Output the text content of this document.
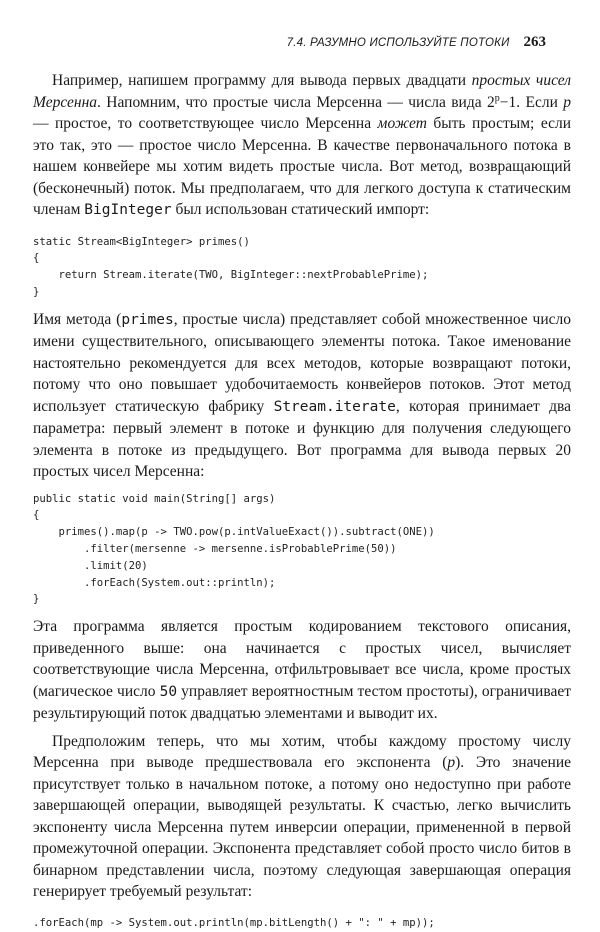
7.4. РАЗУМНО ИСПОЛЬЗУЙТЕ ПОТОКИ 263

Например, напишем программу для вывода первых двадцати простых чисел Мерсенна. Напомним, что простые числа Мерсенна — числа вида $2^p-1$. Если p — простое, то соответствующее число Мерсенна может быть простым; если это так, это — простое число Мерсенна. В качестве первоначального потока в нашем конвейере мы хотим видеть простые числа. Вот метод, возвращающий (бесконечный) поток. Мы предполагаем, что для легкого доступа к статическим членам BigInteger был использован статический импорт:

static Stream<BigInteger> primes()
{
return Stream.iterate(TWO, BigInteger::nextProbablePrime);
}

Имя метода (primes, простые числа) представляет собой множественное число имени существительного, описывающего элементы потока. Такое именование настоятельно рекомендуется для всех методов, которые возвращают потоки, потому что оно повышает удобочитаемость конвейеров потоков. Этот метод использует статическую фабрику Stream.iterate, которая принимает два параметра: первый элемент в потоке и функцию для получения следующего элемента в потоке из предыдущего. Вот программа для вывода первых 20 простых чисел Мерсенна:

public static void main(String[] args)
{
primes().map(p -> TWO.pow(p.intValueExact()).subtract(ONE))
.filter(mersenne -> mersenne.isProbablePrime(50))
.limit(20)
.forEach(System.out::println);
}

Эта программа является простым кодированием текстового описания, приведенного выше: она начинается с простых чисел, вычисляет соответствующие числа Мерсенна, отфильтровывает все числа, кроме простых (магическое число 50 управляет вероятностным тестом простоты), ограничивает результирующий поток двадцатью элементами и выводит их.

Предположим теперь, что мы хотим, чтобы каждому простому числу Мерсенна при выводе предшествовала его экспонента (p). Это значение присутствует только в начальном потоке, а потому оно недоступно при работе завершающей операции, выводящей результаты. К счастью, легко вычислить экспоненту числа Мерсенна путем инверсии операции, примененной в первой промежуточной операции. Экспонента представляет собой просто число битов в бинарном представлении числа, поэтому следующая завершающая операция генерирует требуемый результат:

.forEach(mp -> System.out.println(mp.bitLength() + ": " + mp));
